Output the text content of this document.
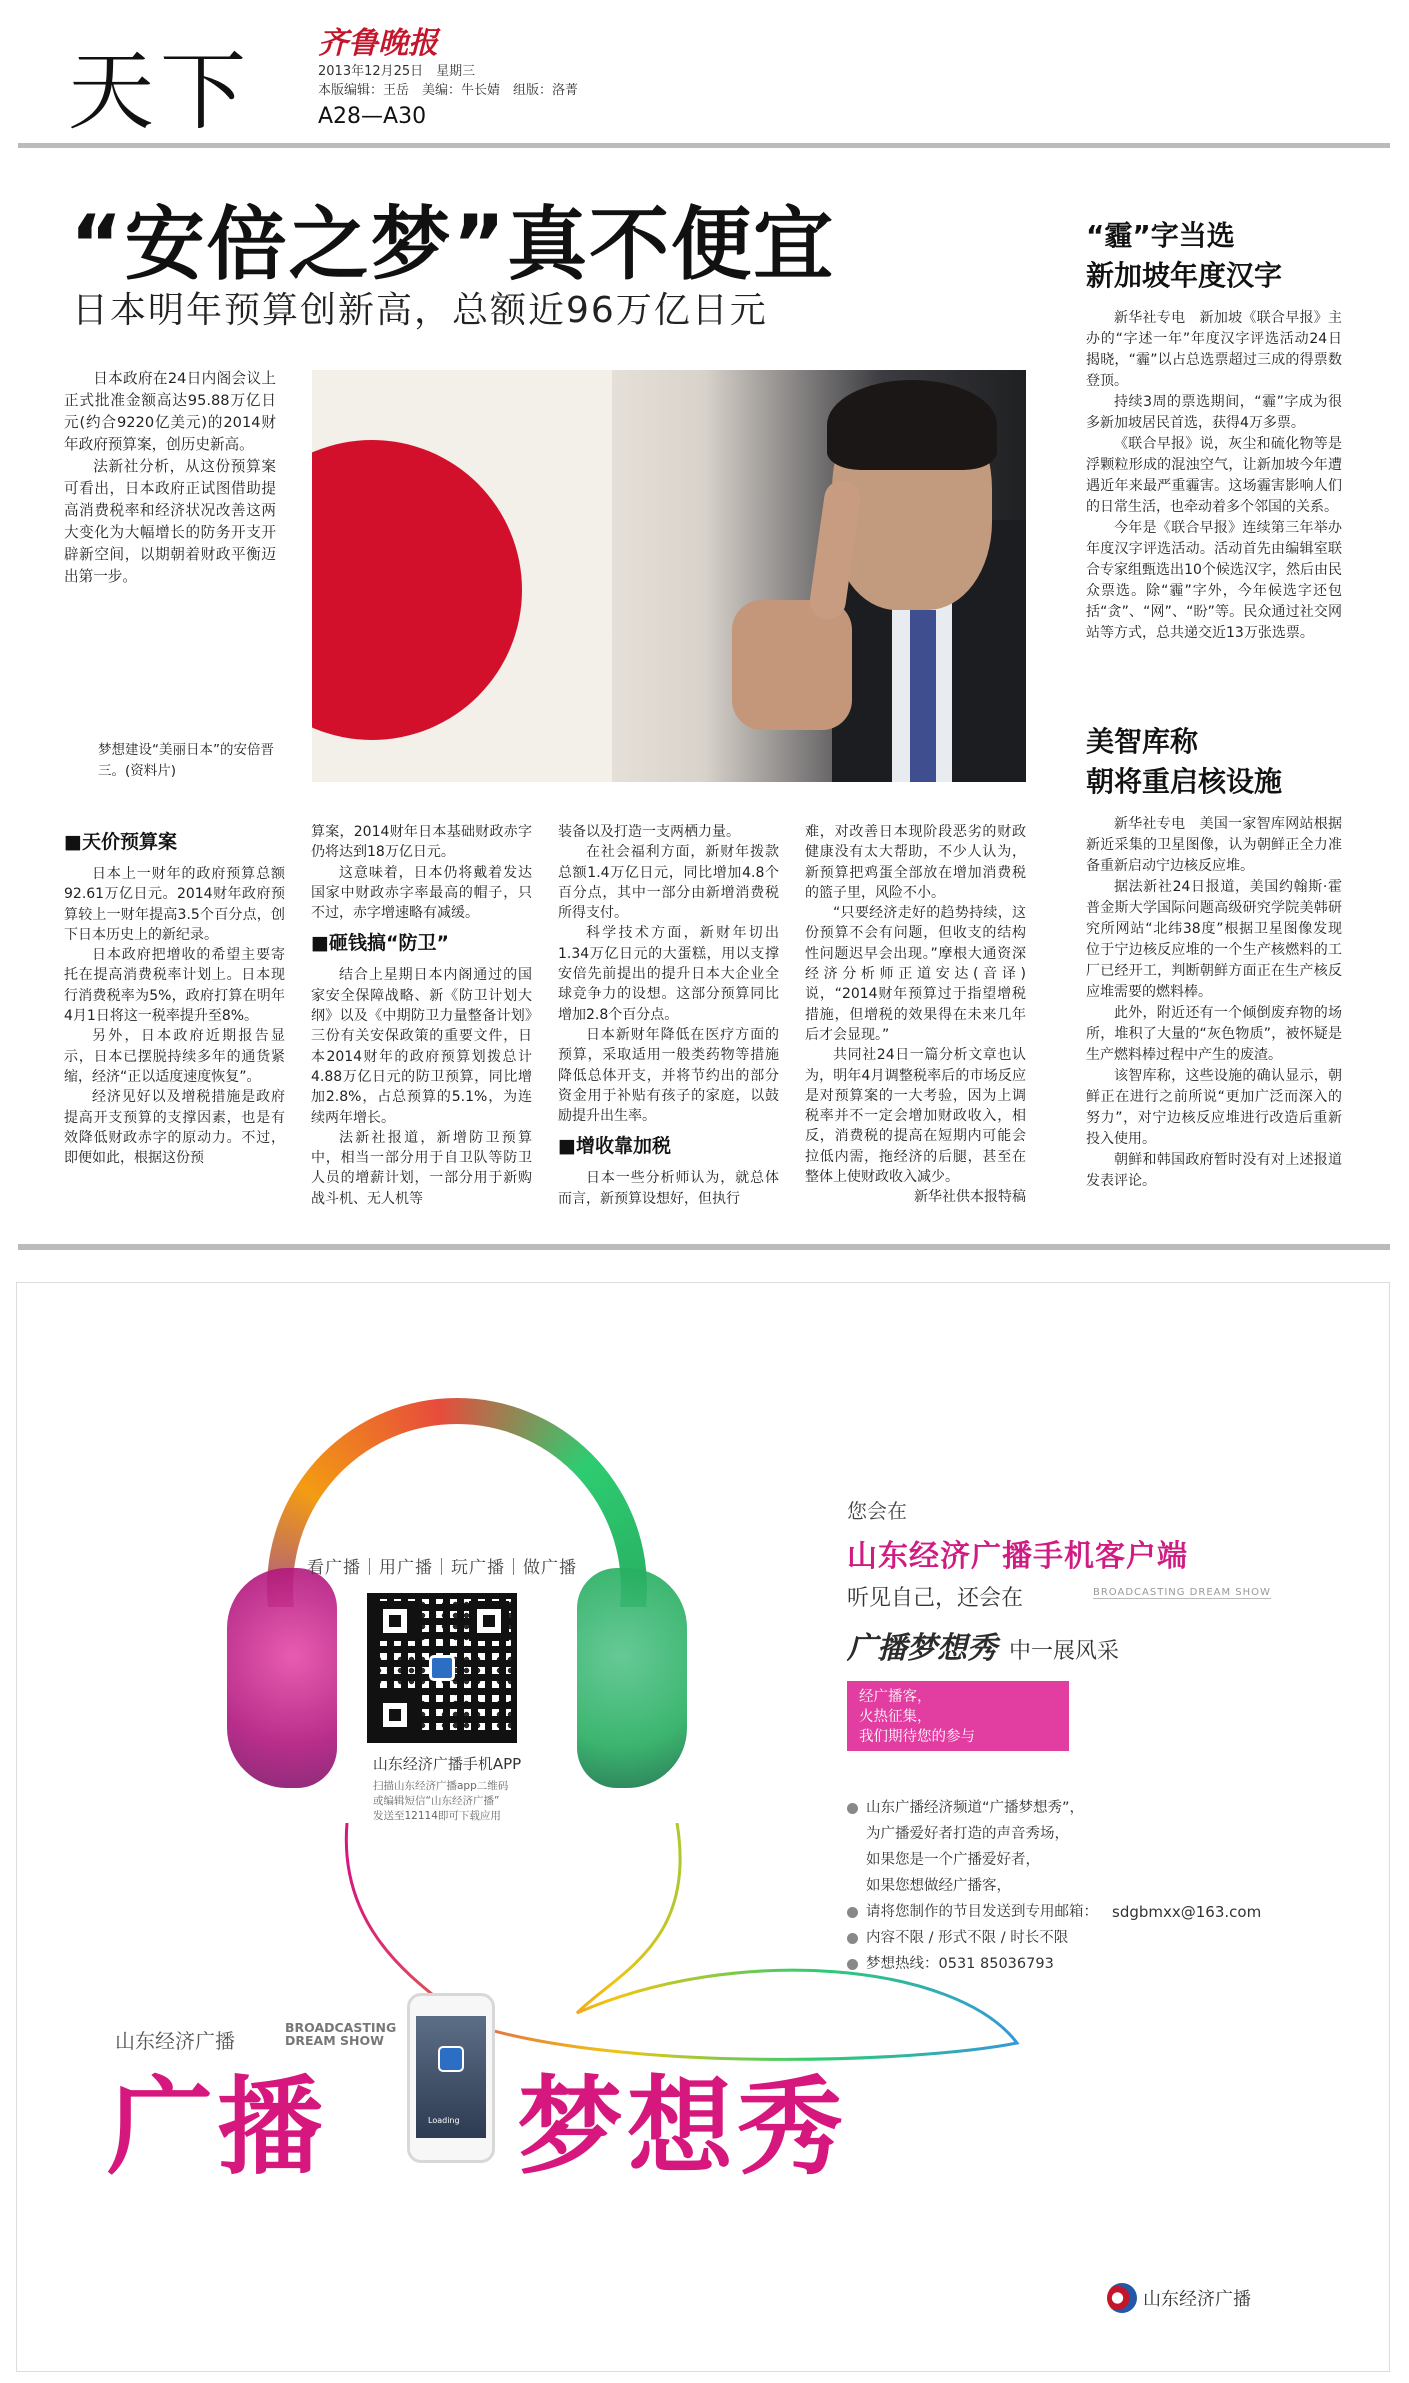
天下 齐鲁晚报
2013年12月25日　星期三
本版编辑：王岳　美编：牛长婧　组版：洛菁
A28—A30
“安倍之梦”真不便宜
日本明年预算创新高，总额近96万亿日元

日本政府在24日内阁会议上正式批准金额高达95.88万亿日元(约合9220亿美元)的2014财年政府预算案，创历史新高。

法新社分析，从这份预算案可看出，日本政府正试图借助提高消费税率和经济状况改善这两大变化为大幅增长的防务开支开辟新空间，以期朝着财政平衡迈出第一步。

梦想建设“美丽日本”的安倍晋三。(资料片)

■天价预算案

日本上一财年的政府预算总额92.61万亿日元。2014财年政府预算较上一财年提高3.5个百分点，创下日本历史上的新纪录。

日本政府把增收的希望主要寄托在提高消费税率计划上。日本现行消费税率为5%，政府打算在明年4月1日将这一税率提升至8%。

另外，日本政府近期报告显示，日本已摆脱持续多年的通货紧缩，经济“正以适度速度恢复”。

经济见好以及增税措施是政府提高开支预算的支撑因素，也是有效降低财政赤字的原动力。不过，即便如此，根据这份预

算案，2014财年日本基础财政赤字仍将达到18万亿日元。

这意味着，日本仍将戴着发达国家中财政赤字率最高的帽子，只不过，赤字增速略有减缓。

■砸钱搞“防卫”

结合上星期日本内阁通过的国家安全保障战略、新《防卫计划大纲》以及《中期防卫力量整备计划》三份有关安保政策的重要文件，日本2014财年的政府预算划拨总计4.88万亿日元的防卫预算，同比增加2.8%，占总预算的5.1%，为连续两年增长。

法新社报道，新增防卫预算中，相当一部分用于自卫队等防卫人员的增薪计划，一部分用于新购战斗机、无人机等

装备以及打造一支两栖力量。

在社会福利方面，新财年拨款总额1.4万亿日元，同比增加4.8个百分点，其中一部分由新增消费税所得支付。

科学技术方面，新财年切出1.34万亿日元的大蛋糕，用以支撑安倍先前提出的提升日本大企业全球竞争力的设想。这部分预算同比增加2.8个百分点。

日本新财年降低在医疗方面的预算，采取适用一般类药物等措施降低总体开支，并将节约出的部分资金用于补贴有孩子的家庭，以鼓励提升出生率。

■增收靠加税

日本一些分析师认为，就总体而言，新预算设想好，但执行

难，对改善日本现阶段恶劣的财政健康没有太大帮助，不少人认为，新预算把鸡蛋全部放在增加消费税的篮子里，风险不小。

“只要经济走好的趋势持续，这份预算不会有问题，但收支的结构性问题迟早会出现。”摩根大通资深经济分析师正道安达(音译)说，“2014财年预算过于指望增税措施，但增税的效果得在未来几年后才会显现。”

共同社24日一篇分析文章也认为，明年4月调整税率后的市场反应是对预算案的一大考验，因为上调税率并不一定会增加财政收入，相反，消费税的提高在短期内可能会拉低内需，拖经济的后腿，甚至在整体上使财政收入减少。

新华社供本报特稿

“霾”字当选
新加坡年度汉字

新华社专电　新加坡《联合早报》主办的“字述一年”年度汉字评选活动24日揭晓，“霾”以占总选票超过三成的得票数登顶。

持续3周的票选期间，“霾”字成为很多新加坡居民首选，获得4万多票。

《联合早报》说，灰尘和硫化物等是浮颗粒形成的混浊空气，让新加坡今年遭遇近年来最严重霾害。这场霾害影响人们的日常生活，也牵动着多个邻国的关系。

今年是《联合早报》连续第三年举办年度汉字评选活动。活动首先由编辑室联合专家组甄选出10个候选汉字，然后由民众票选。除“霾”字外，今年候选字还包括“贪”、“网”、“盼”等。民众通过社交网站等方式，总共递交近13万张选票。

美智库称
朝将重启核设施

新华社专电　美国一家智库网站根据新近采集的卫星图像，认为朝鲜正全力准备重新启动宁边核反应堆。

据法新社24日报道，美国约翰斯·霍普金斯大学国际问题高级研究学院美韩研究所网站“北纬38度”根据卫星图像发现位于宁边核反应堆的一个生产核燃料的工厂已经开工，判断朝鲜方面正在生产核反应堆需要的燃料棒。

此外，附近还有一个倾倒废弃物的场所，堆积了大量的“灰色物质”，被怀疑是生产燃料棒过程中产生的废渣。

该智库称，这些设施的确认显示，朝鲜正在进行之前所说“更加广泛而深入的努力”，对宁边核反应堆进行改造后重新投入使用。

朝鲜和韩国政府暂时没有对上述报道发表评论。

看广播｜用广播｜玩广播｜做广播
山东经济广播手机APP
扫描山东经济广播app二维码
或编辑短信“山东经济广播”
发送至12114即可下载应用
您会在
山东经济广播手机客户端
听见自己，还会在	BROADCASTING DREAM SHOW
广播梦想秀 中一展风采
经广播客，
火热征集，
我们期待您的参与
山东广播经济频道“广播梦想秀”，
为广播爱好者打造的声音秀场，
如果您是一个广播爱好者，
如果您想做经广播客，
请将您制作的节目发送到专用邮箱： sdgbmxx@163.com
内容不限 / 形式不限 / 时长不限
梦想热线： 0531 85036793
山东经济广播
BROADCASTING
DREAM SHOW
广播	Loading 梦想秀
山东经济广播
